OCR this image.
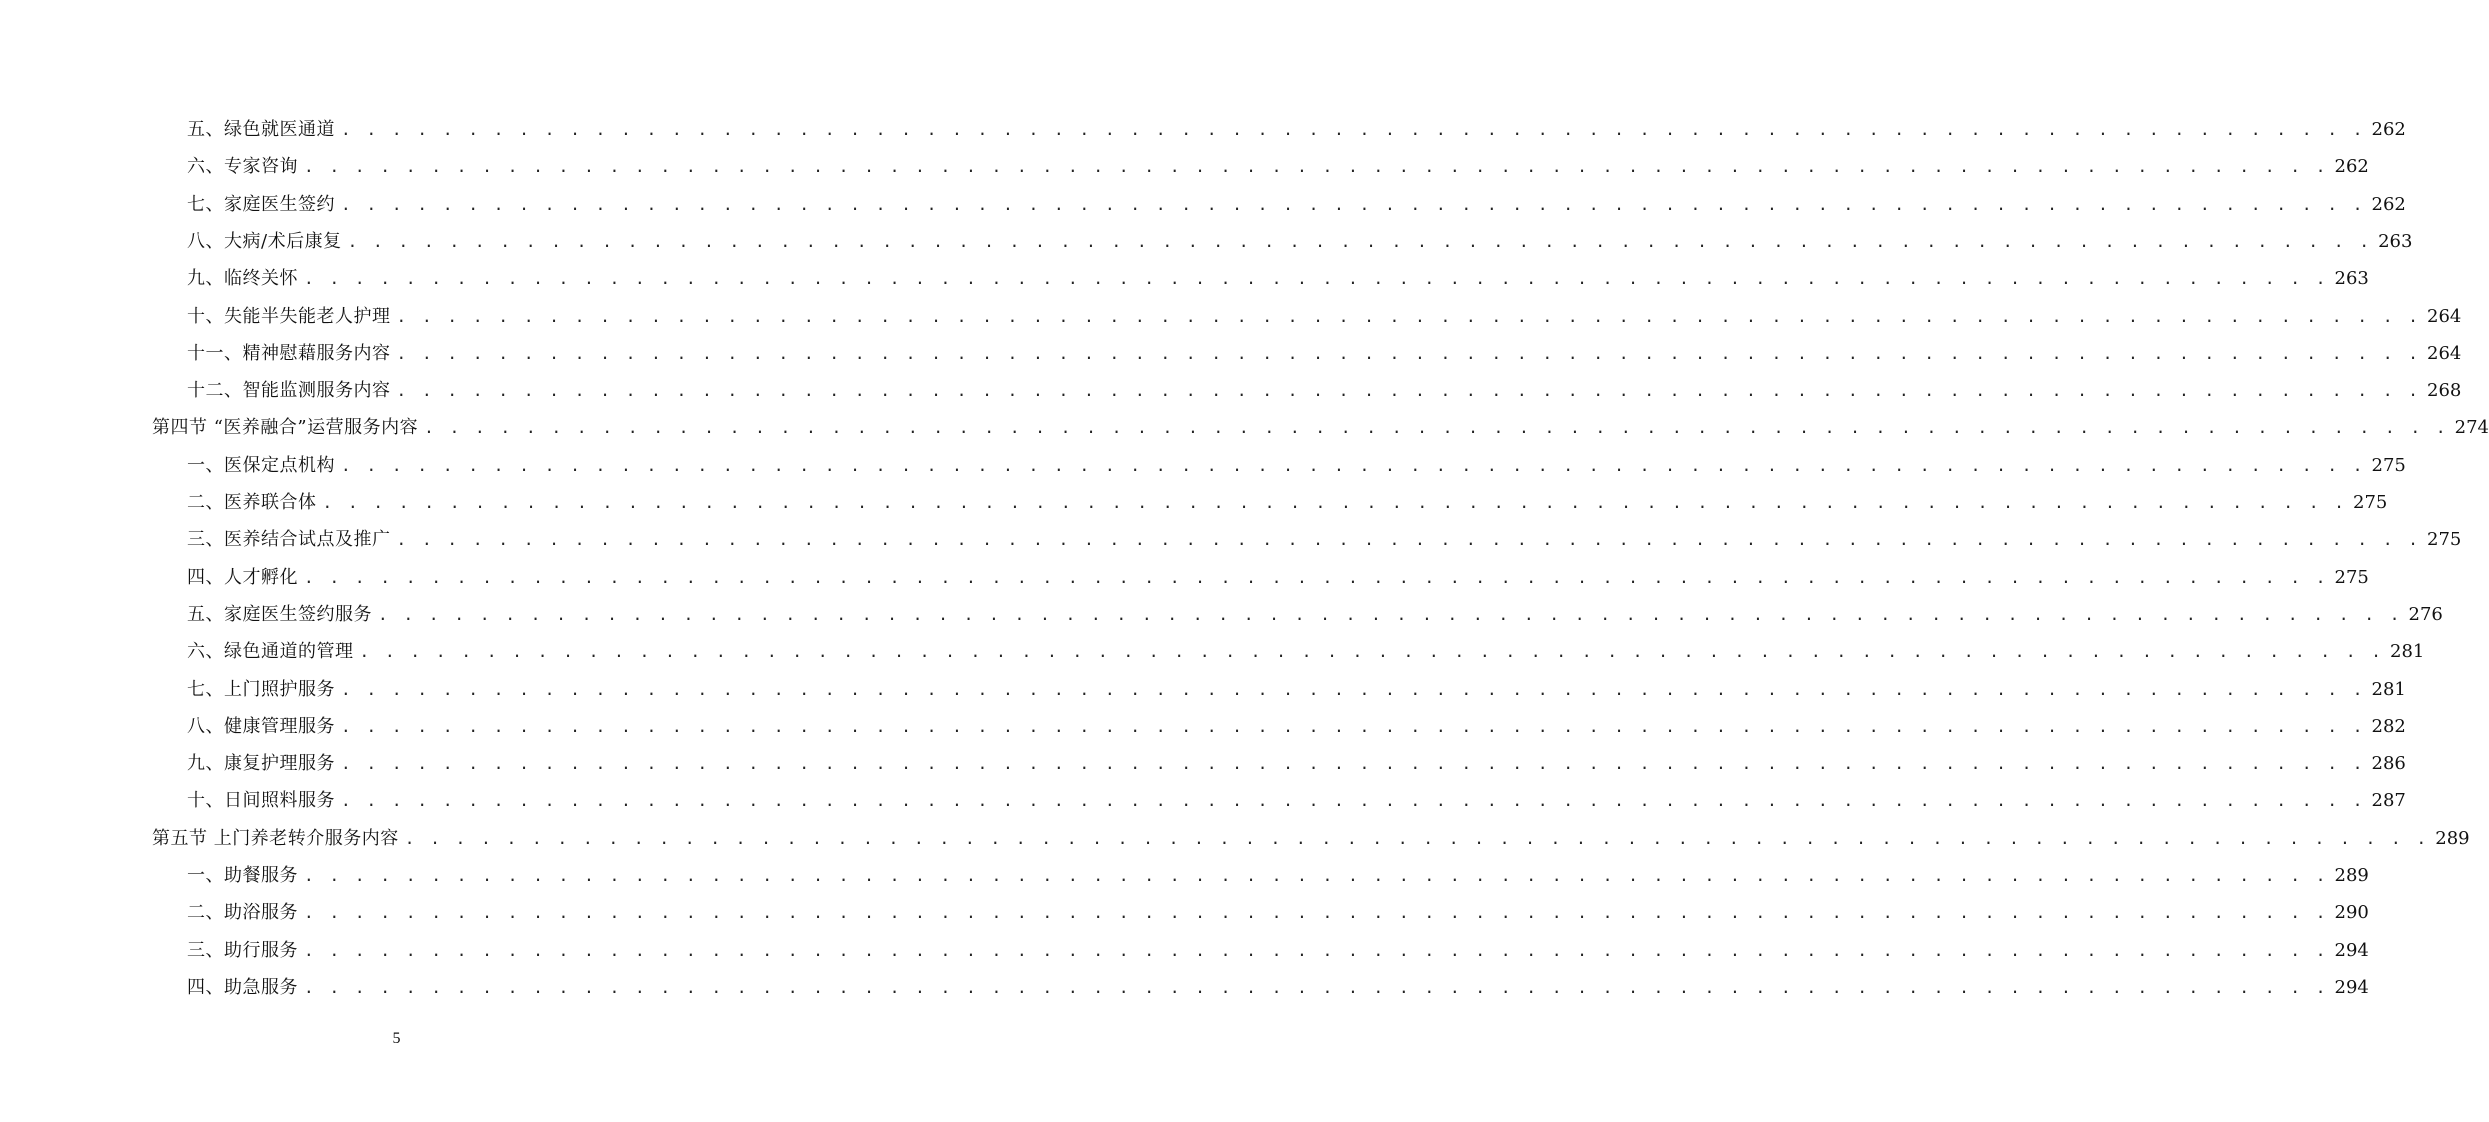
五、绿色就医通道 . . . . . . . . . . . . . . . . . . . . . . . . . . . . . . . . . . . . . . . . . . . . . . . . . . . . . . . . . . . . . . . . . . . . . . . . . . . . . . . . 262
六、专家咨询 . . . . . . . . . . . . . . . . . . . . . . . . . . . . . . . . . . . . . . . . . . . . . . . . . . . . . . . . . . . . . . . . . . . . . . . . . . . . . . . . 262
七、家庭医生签约 . . . . . . . . . . . . . . . . . . . . . . . . . . . . . . . . . . . . . . . . . . . . . . . . . . . . . . . . . . . . . . . . . . . . . . . . . . . . . . . . 262
八、大病/术后康复 . . . . . . . . . . . . . . . . . . . . . . . . . . . . . . . . . . . . . . . . . . . . . . . . . . . . . . . . . . . . . . . . . . . . . . . . . . . . . . . . 263
九、临终关怀 . . . . . . . . . . . . . . . . . . . . . . . . . . . . . . . . . . . . . . . . . . . . . . . . . . . . . . . . . . . . . . . . . . . . . . . . . . . . . . . . 263
十、失能半失能老人护理 . . . . . . . . . . . . . . . . . . . . . . . . . . . . . . . . . . . . . . . . . . . . . . . . . . . . . . . . . . . . . . . . . . . . . . . . . . . . . . . . 264
十一、精神慰藉服务内容 . . . . . . . . . . . . . . . . . . . . . . . . . . . . . . . . . . . . . . . . . . . . . . . . . . . . . . . . . . . . . . . . . . . . . . . . . . . . . . . . 264
十二、智能监测服务内容 . . . . . . . . . . . . . . . . . . . . . . . . . . . . . . . . . . . . . . . . . . . . . . . . . . . . . . . . . . . . . . . . . . . . . . . . . . . . . . . . 268
第四节 “医养融合”运营服务内容 . . . . . . . . . . . . . . . . . . . . . . . . . . . . . . . . . . . . . . . . . . . . . . . . . . . . . . . . . . . . . . . . . . . . . . . . . . . . . . . . 274
一、医保定点机构 . . . . . . . . . . . . . . . . . . . . . . . . . . . . . . . . . . . . . . . . . . . . . . . . . . . . . . . . . . . . . . . . . . . . . . . . . . . . . . . . 275
二、医养联合体 . . . . . . . . . . . . . . . . . . . . . . . . . . . . . . . . . . . . . . . . . . . . . . . . . . . . . . . . . . . . . . . . . . . . . . . . . . . . . . . . 275
三、医养结合试点及推广 . . . . . . . . . . . . . . . . . . . . . . . . . . . . . . . . . . . . . . . . . . . . . . . . . . . . . . . . . . . . . . . . . . . . . . . . . . . . . . . . 275
四、人才孵化 . . . . . . . . . . . . . . . . . . . . . . . . . . . . . . . . . . . . . . . . . . . . . . . . . . . . . . . . . . . . . . . . . . . . . . . . . . . . . . . . 275
五、家庭医生签约服务 . . . . . . . . . . . . . . . . . . . . . . . . . . . . . . . . . . . . . . . . . . . . . . . . . . . . . . . . . . . . . . . . . . . . . . . . . . . . . . . . 276
六、绿色通道的管理 . . . . . . . . . . . . . . . . . . . . . . . . . . . . . . . . . . . . . . . . . . . . . . . . . . . . . . . . . . . . . . . . . . . . . . . . . . . . . . . . 281
七、上门照护服务 . . . . . . . . . . . . . . . . . . . . . . . . . . . . . . . . . . . . . . . . . . . . . . . . . . . . . . . . . . . . . . . . . . . . . . . . . . . . . . . . 281
八、健康管理服务 . . . . . . . . . . . . . . . . . . . . . . . . . . . . . . . . . . . . . . . . . . . . . . . . . . . . . . . . . . . . . . . . . . . . . . . . . . . . . . . . 282
九、康复护理服务 . . . . . . . . . . . . . . . . . . . . . . . . . . . . . . . . . . . . . . . . . . . . . . . . . . . . . . . . . . . . . . . . . . . . . . . . . . . . . . . . 286
十、日间照料服务 . . . . . . . . . . . . . . . . . . . . . . . . . . . . . . . . . . . . . . . . . . . . . . . . . . . . . . . . . . . . . . . . . . . . . . . . . . . . . . . . 287
第五节 上门养老转介服务内容 . . . . . . . . . . . . . . . . . . . . . . . . . . . . . . . . . . . . . . . . . . . . . . . . . . . . . . . . . . . . . . . . . . . . . . . . . . . . . . . . 289
一、助餐服务 . . . . . . . . . . . . . . . . . . . . . . . . . . . . . . . . . . . . . . . . . . . . . . . . . . . . . . . . . . . . . . . . . . . . . . . . . . . . . . . . 289
二、助浴服务 . . . . . . . . . . . . . . . . . . . . . . . . . . . . . . . . . . . . . . . . . . . . . . . . . . . . . . . . . . . . . . . . . . . . . . . . . . . . . . . . 290
三、助行服务 . . . . . . . . . . . . . . . . . . . . . . . . . . . . . . . . . . . . . . . . . . . . . . . . . . . . . . . . . . . . . . . . . . . . . . . . . . . . . . . . 294
四、助急服务 . . . . . . . . . . . . . . . . . . . . . . . . . . . . . . . . . . . . . . . . . . . . . . . . . . . . . . . . . . . . . . . . . . . . . . . . . . . . . . . . 294
5
